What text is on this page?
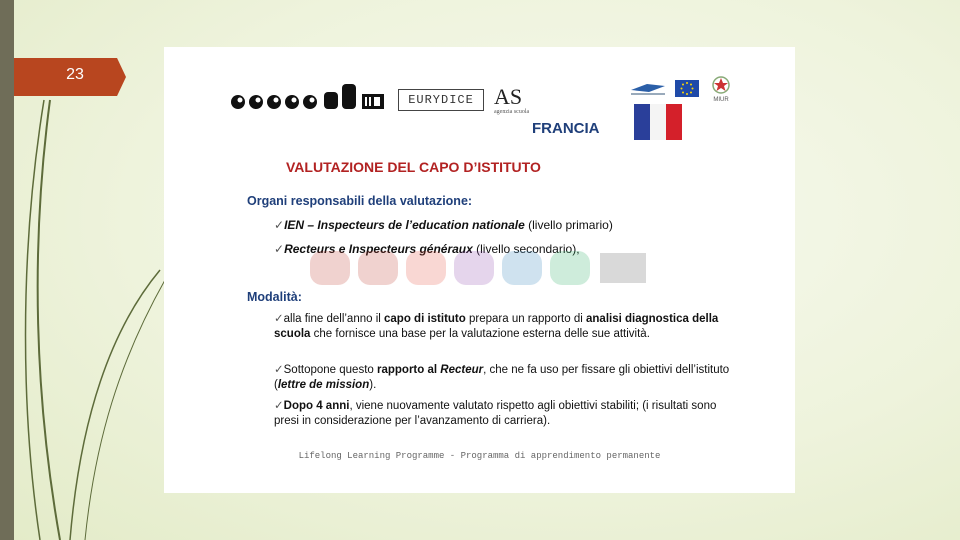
23
EURYDICE AS
agenzia scuola
MIUR
FRANCIA
VALUTAZIONE DEL CAPO D’ISTITUTO
Organi responsabili della valutazione:
✓IEN – Inspecteurs de l’education nationale (livello primario)
✓Recteurs e Inspecteurs généraux (livello secondario),
Modalità:
✓alla fine dell’anno il capo di istituto prepara un rapporto di analisi diagnostica della scuola che fornisce una base per la valutazione esterna delle sue attività.
✓Sottopone questo rapporto al Recteur, che ne fa uso per fissare gli obiettivi dell’istituto (lettre de mission).
✓Dopo 4 anni, viene nuovamente valutato rispetto agli obiettivi stabiliti; (i risultati sono presi in considerazione per l’avanzamento di carriera).
Lifelong Learning Programme - Programma di apprendimento permanente
